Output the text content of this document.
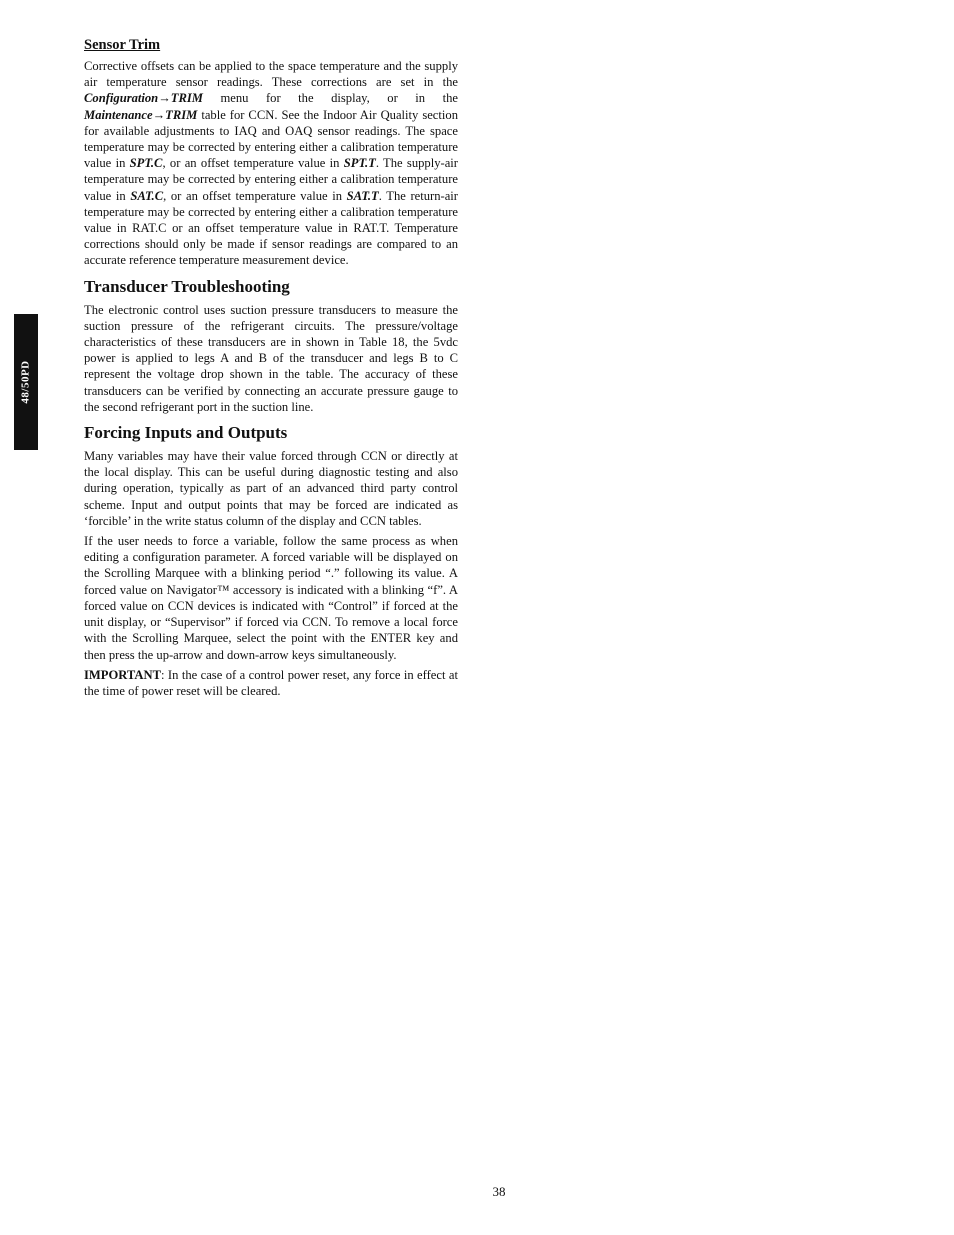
48/50PD
Sensor Trim

Corrective offsets can be applied to the space temperature and the supply air temperature sensor readings. These corrections are set in the Configuration→TRIM menu for the display, or in the Maintenance→TRIM table for CCN. See the Indoor Air Quality section for available adjustments to IAQ and OAQ sensor readings. The space temperature may be corrected by entering either a calibration temperature value in SPT.C, or an offset temperature value in SPT.T. The supply-air temperature may be corrected by entering either a calibration temperature value in SAT.C, or an offset temperature value in SAT.T. The return-air temperature may be corrected by entering either a calibration temperature value in RAT.C or an offset temperature value in RAT.T. Temperature corrections should only be made if sensor readings are compared to an accurate reference temperature measurement device.

Transducer Troubleshooting

The electronic control uses suction pressure transducers to measure the suction pressure of the refrigerant circuits. The pressure/voltage characteristics of these transducers are in shown in Table 18, the 5vdc power is applied to legs A and B of the transducer and legs B to C represent the voltage drop shown in the table. The accuracy of these transducers can be verified by connecting an accurate pressure gauge to the second refrigerant port in the suction line.

Forcing Inputs and Outputs

Many variables may have their value forced through CCN or directly at the local display. This can be useful during diagnostic testing and also during operation, typically as part of an advanced third party control scheme. Input and output points that may be forced are indicated as ‘forcible’ in the write status column of the display and CCN tables.

If the user needs to force a variable, follow the same process as when editing a configuration parameter. A forced variable will be displayed on the Scrolling Marquee with a blinking period “.” following its value. A forced value on Navigator™ accessory is indicated with a blinking “f”. A forced value on CCN devices is indicated with “Control” if forced at the unit display, or “Supervisor” if forced via CCN. To remove a local force with the Scrolling Marquee, select the point with the ENTER key and then press the up-arrow and down-arrow keys simultaneously.

IMPORTANT: In the case of a control power reset, any force in effect at the time of power reset will be cleared.

38
